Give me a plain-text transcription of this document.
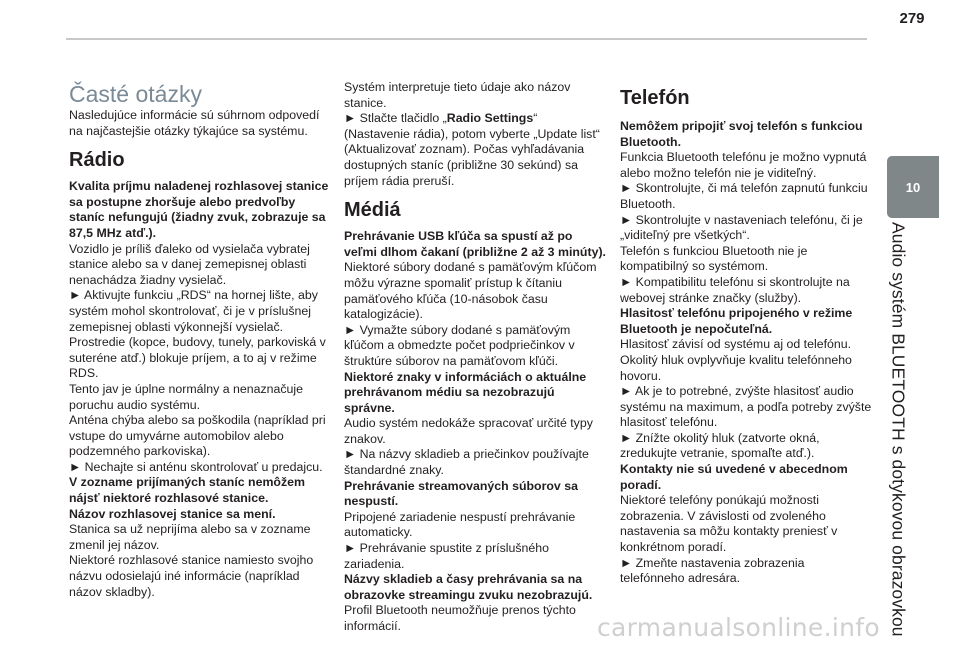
279
10
Audio systém BLUETOOTH s dotykovou obrazovkou

Časté otázky

Nasledujúce informácie sú súhrnom odpovedí na najčastejšie otázky týkajúce sa systému.

Rádio

Kvalita príjmu naladenej rozhlasovej stanice sa postupne zhoršuje alebo predvoľby staníc nefungujú (žiadny zvuk, zobrazuje sa 87,5 MHz atď.).

Vozidlo je príliš ďaleko od vysielača vybratej stanice alebo sa v danej zemepisnej oblasti nenachádza žiadny vysielač.

► Aktivujte funkciu „RDS“ na hornej lište, aby systém mohol skontrolovať, či je v príslušnej zemepisnej oblasti výkonnejší vysielač.

Prostredie (kopce, budovy, tunely, parkoviská v suteréne atď.) blokuje príjem, a to aj v režime RDS.

Tento jav je úplne normálny a nenaznačuje poruchu audio systému.

Anténa chýba alebo sa poškodila (napríklad pri vstupe do umyvárne automobilov alebo podzemného parkoviska).

► Nechajte si anténu skontrolovať u predajcu.

V zozname prijímaných staníc nemôžem nájsť niektoré rozhlasové stanice.

Názov rozhlasovej stanice sa mení.

Stanica sa už neprijíma alebo sa v zozname zmenil jej názov.

Niektoré rozhlasové stanice namiesto svojho názvu odosielajú iné informácie (napríklad názov skladby).

Systém interpretuje tieto údaje ako názov stanice.

► Stlačte tlačidlo „Radio Settings“ (Nastavenie rádia), potom vyberte „Update list“ (Aktualizovať zoznam). Počas vyhľadávania dostupných staníc (približne 30 sekúnd) sa príjem rádia preruší.

Médiá

Prehrávanie USB kľúča sa spustí až po veľmi dlhom čakaní (približne 2 až 3 minúty).

Niektoré súbory dodané s pamäťovým kľúčom môžu výrazne spomaliť prístup k čítaniu pamäťového kľúča (10-násobok času katalogizácie).

► Vymažte súbory dodané s pamäťovým kľúčom a obmedzte počet podpriečinkov v štruktúre súborov na pamäťovom kľúči.

Niektoré znaky v informáciách o aktuálne prehrávanom médiu sa nezobrazujú správne.

Audio systém nedokáže spracovať určité typy znakov.

► Na názvy skladieb a priečinkov používajte štandardné znaky.

Prehrávanie streamovaných súborov sa nespustí.

Pripojené zariadenie nespustí prehrávanie automaticky.

► Prehrávanie spustite z príslušného zariadenia.

Názvy skladieb a časy prehrávania sa na obrazovke streamingu zvuku nezobrazujú.

Profil Bluetooth neumožňuje prenos týchto informácií.

Telefón

Nemôžem pripojiť svoj telefón s funkciou Bluetooth.

Funkcia Bluetooth telefónu je možno vypnutá alebo možno telefón nie je viditeľný.

► Skontrolujte, či má telefón zapnutú funkciu Bluetooth.

► Skontrolujte v nastaveniach telefónu, či je „viditeľný pre všetkých“.

Telefón s funkciou Bluetooth nie je kompatibilný so systémom.

► Kompatibilitu telefónu si skontrolujte na webovej stránke značky (služby).

Hlasitosť telefónu pripojeného v režime Bluetooth je nepočuteľná.

Hlasitosť závisí od systému aj od telefónu.

Okolitý hluk ovplyvňuje kvalitu telefónneho hovoru.

► Ak je to potrebné, zvýšte hlasitosť audio systému na maximum, a podľa potreby zvýšte hlasitosť telefónu.

► Znížte okolitý hluk (zatvorte okná, zredukujte vetranie, spomaľte atď.).

Kontakty nie sú uvedené v abecednom poradí.

Niektoré telefóny ponúkajú možnosti zobrazenia. V závislosti od zvoleného nastavenia sa môžu kontakty preniesť v konkrétnom poradí.

► Zmeňte nastavenia zobrazenia telefónneho adresára.

carmanualsonline.info
